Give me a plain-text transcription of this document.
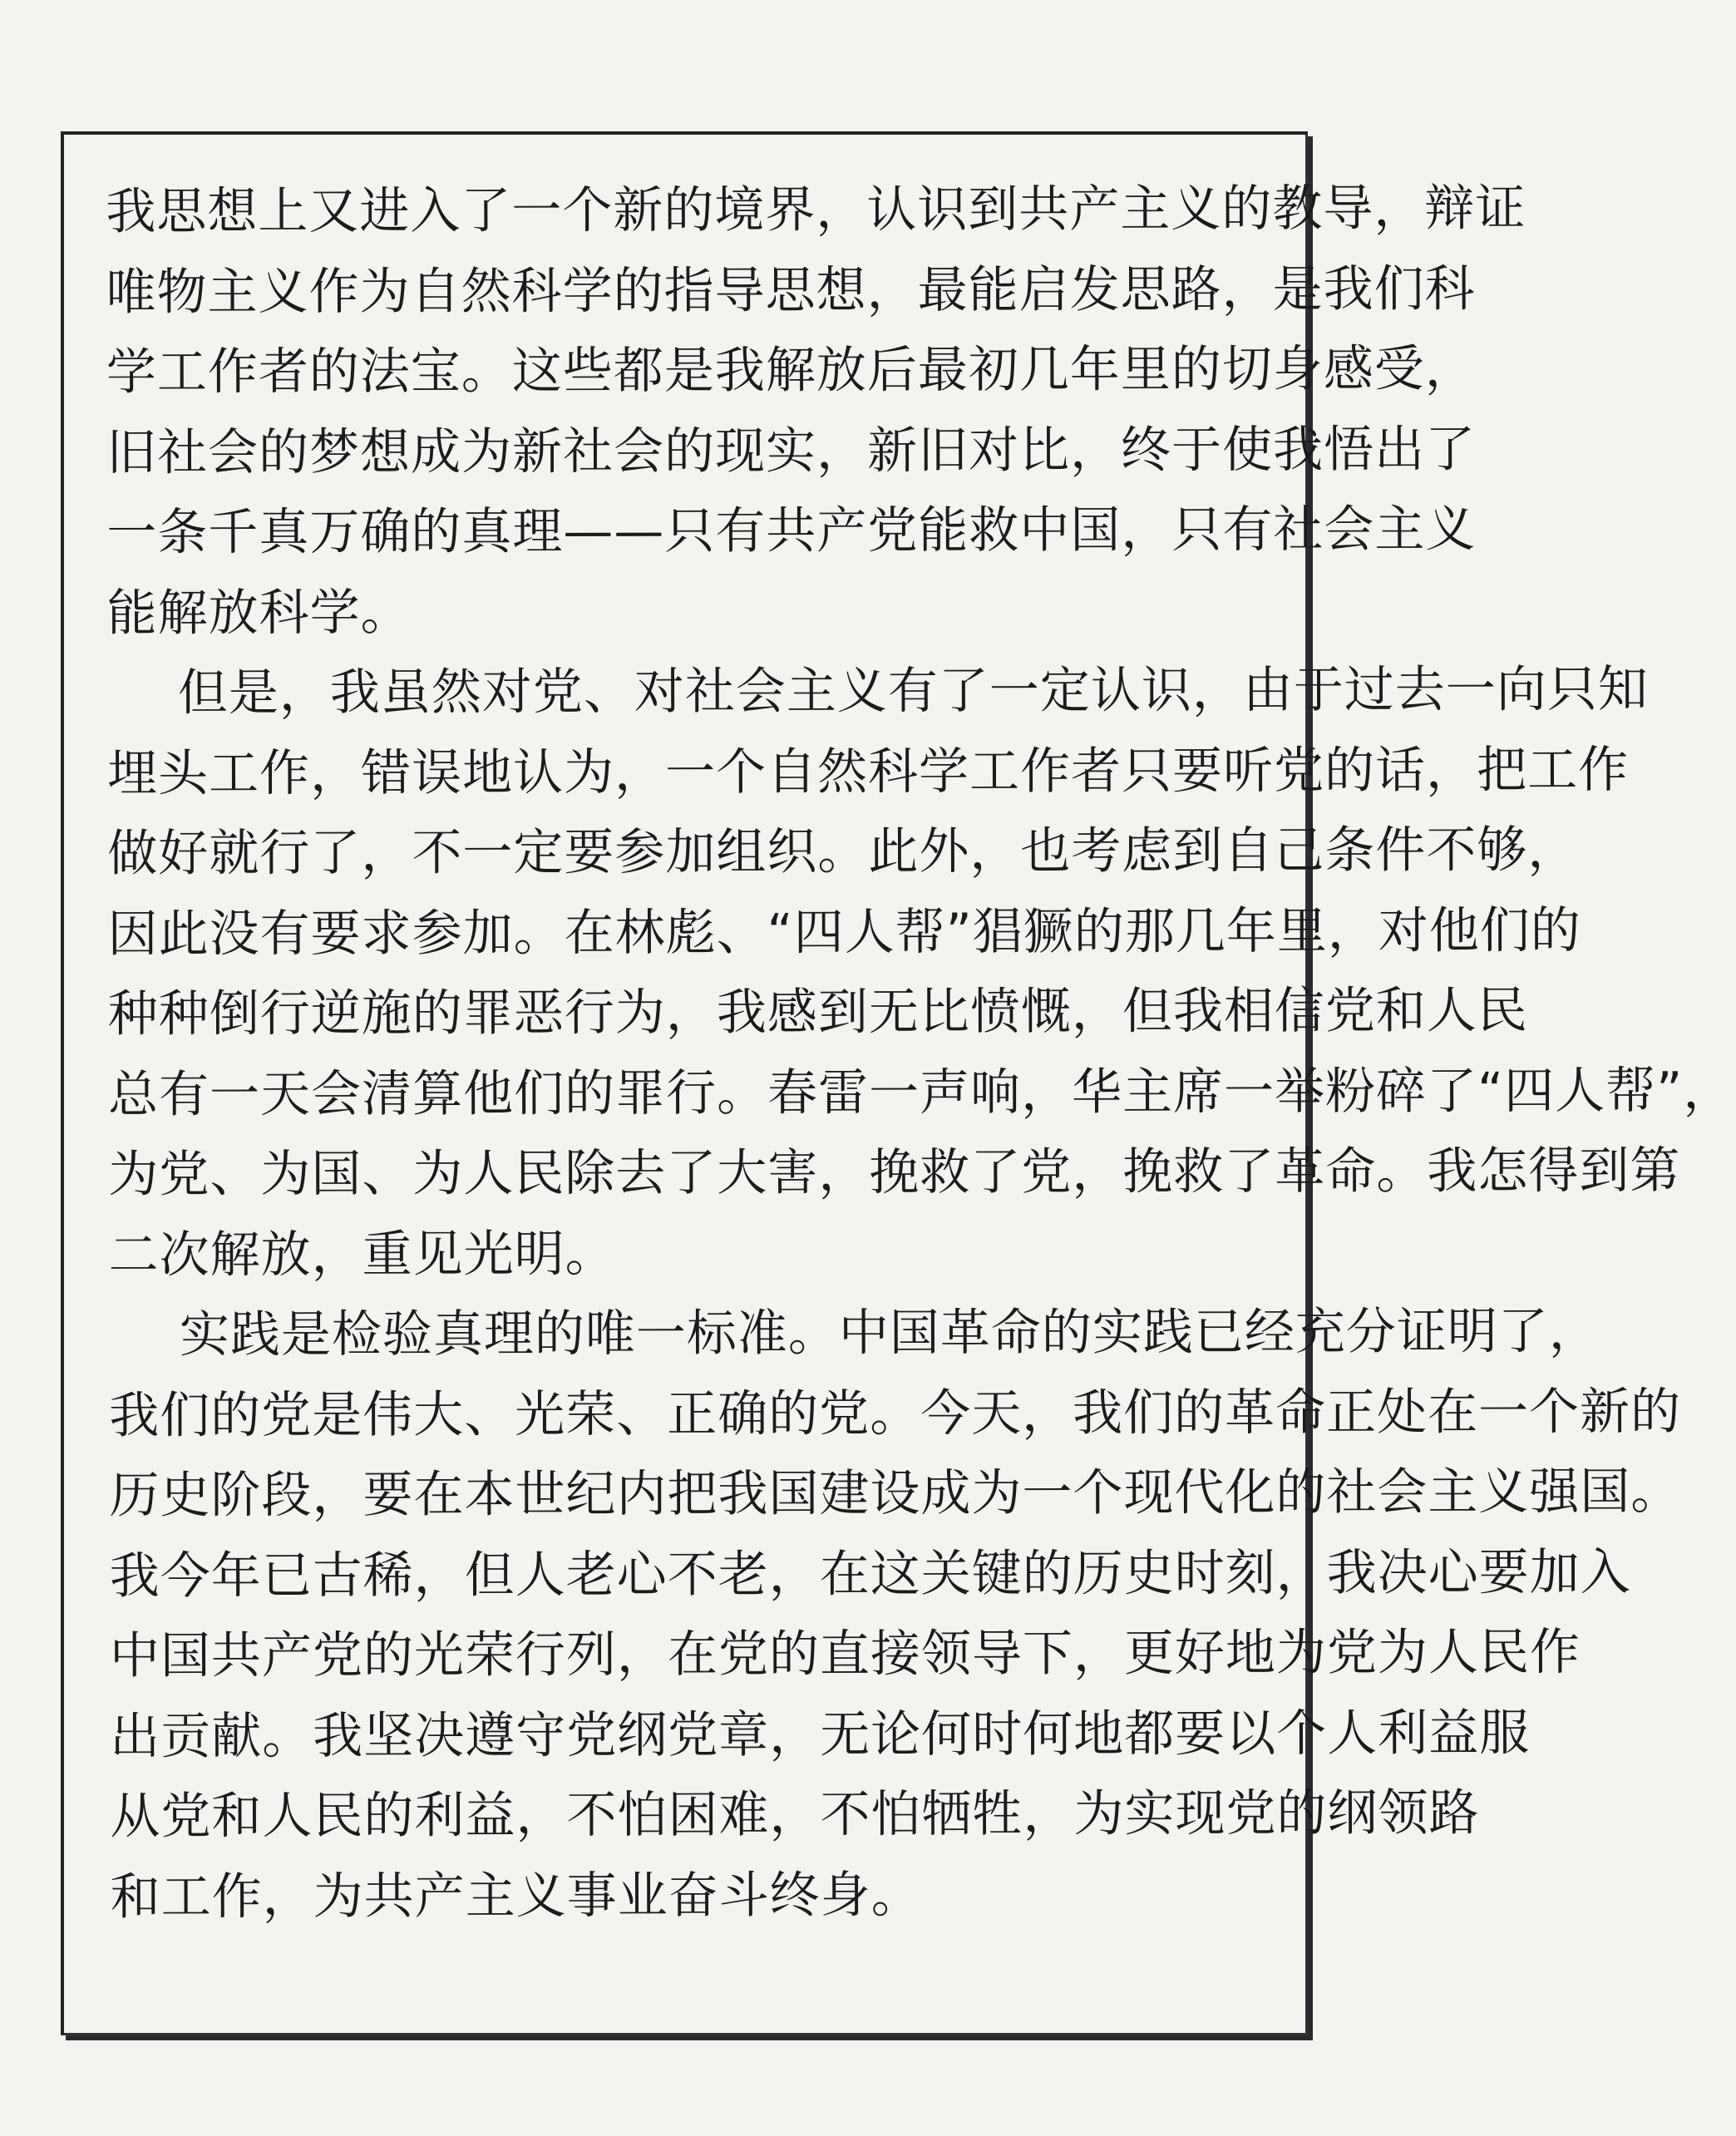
我思想上又进入了一个新的境界，认识到共产主义的教导，辩证
唯物主义作为自然科学的指导思想，最能启发思路，是我们科
学工作者的法宝。这些都是我解放后最初几年里的切身感受，
旧社会的梦想成为新社会的现实，新旧对比，终于使我悟出了
一条千真万确的真理——只有共产党能救中国，只有社会主义
能解放科学。
但是，我虽然对党、对社会主义有了一定认识，由于过去一向只知
埋头工作，错误地认为，一个自然科学工作者只要听党的话，把工作
做好就行了，不一定要参加组织。此外，也考虑到自己条件不够，
因此没有要求参加。在林彪、“四人帮”猖獗的那几年里，对他们的
种种倒行逆施的罪恶行为，我感到无比愤慨，但我相信党和人民
总有一天会清算他们的罪行。春雷一声响，华主席一举粉碎了“四人帮”，
为党、为国、为人民除去了大害，挽救了党，挽救了革命。我怎得到第
二次解放，重见光明。
实践是检验真理的唯一标准。中国革命的实践已经充分证明了，
我们的党是伟大、光荣、正确的党。今天，我们的革命正处在一个新的
历史阶段，要在本世纪内把我国建设成为一个现代化的社会主义强国。
我今年已古稀，但人老心不老，在这关键的历史时刻，我决心要加入
中国共产党的光荣行列，在党的直接领导下，更好地为党为人民作
出贡献。我坚决遵守党纲党章，无论何时何地都要以个人利益服
从党和人民的利益，不怕困难，不怕牺牲，为实现党的纲领路
和工作，为共产主义事业奋斗终身。
